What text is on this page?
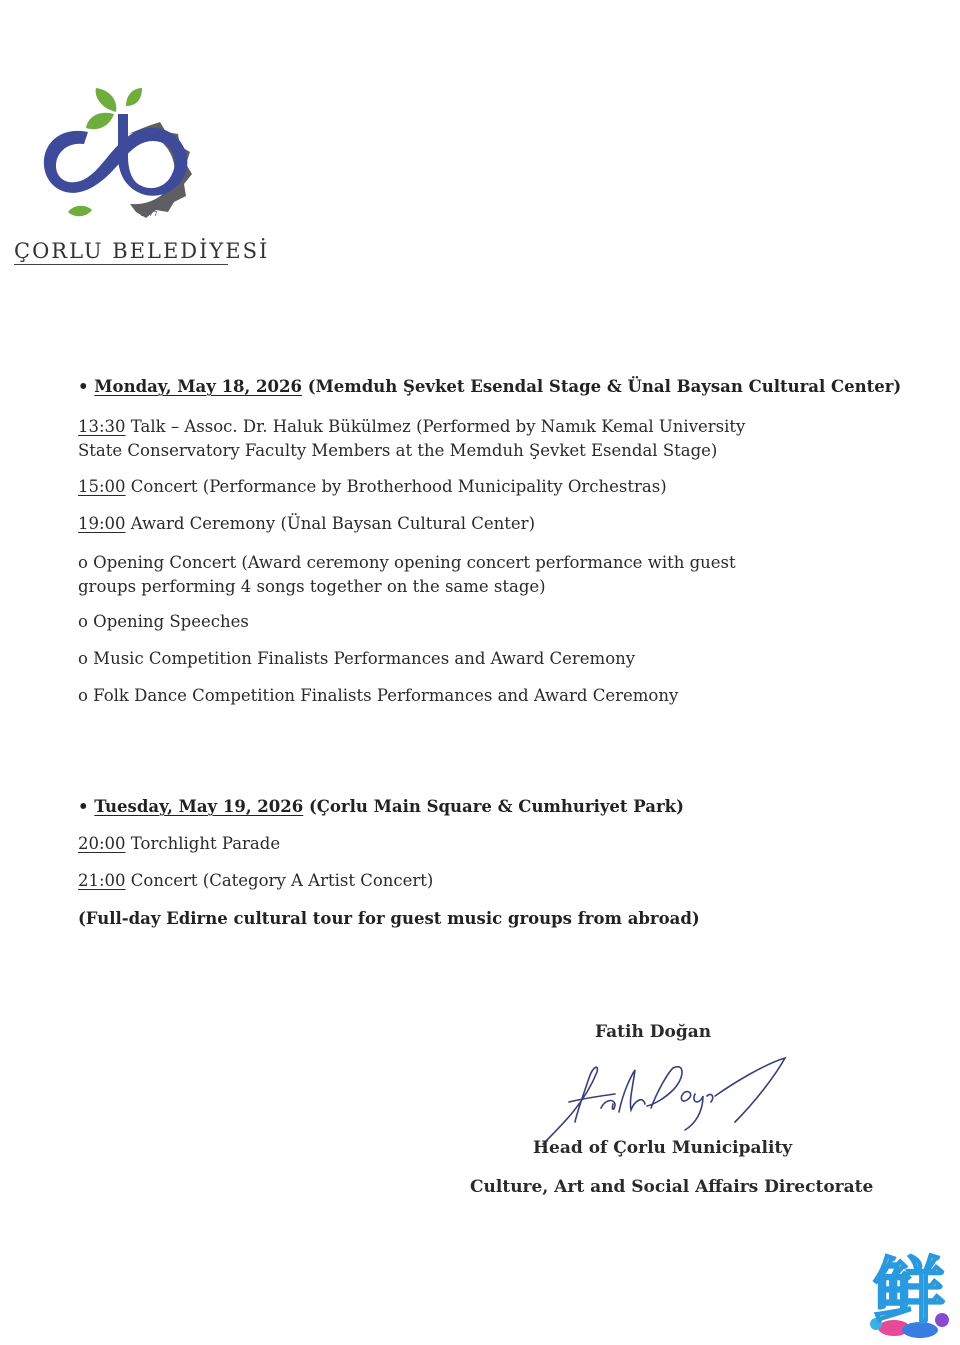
1877
ÇORLU BELEDİYESİ
• Monday, May 18, 2026 (Memduh Şevket Esendal Stage & Ünal Baysan Cultural Center)
13:30 Talk – Assoc. Dr. Haluk Bükülmez (Performed by Namık Kemal University State Conservatory Faculty Members at the Memduh Şevket Esendal Stage)
15:00 Concert (Performance by Brotherhood Municipality Orchestras)
19:00 Award Ceremony (Ünal Baysan Cultural Center)
o Opening Concert (Award ceremony opening concert performance with guest groups performing 4 songs together on the same stage)
o Opening Speeches
o Music Competition Finalists Performances and Award Ceremony
o Folk Dance Competition Finalists Performances and Award Ceremony
• Tuesday, May 19, 2026 (Çorlu Main Square & Cumhuriyet Park)
20:00 Torchlight Parade
21:00 Concert (Category A Artist Concert)
(Full-day Edirne cultural tour for guest music groups from abroad)
Fatih Doğan
Head of Çorlu Municipality
Culture, Art and Social Affairs Directorate
鲜
